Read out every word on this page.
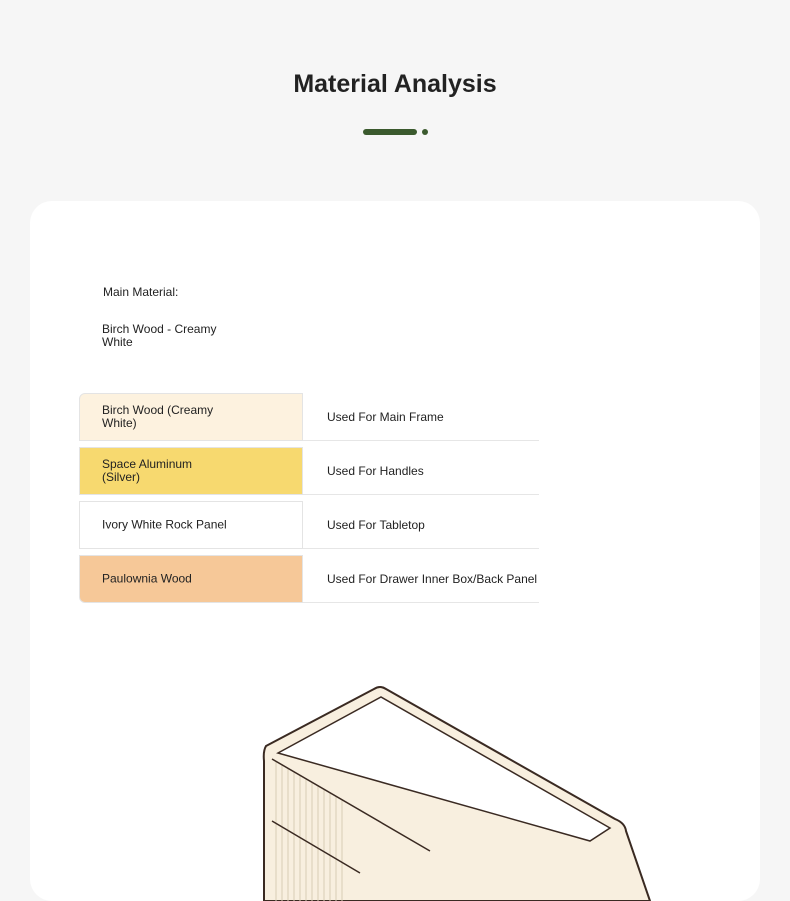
Material Analysis
Main Material:
Birch Wood - Creamy White
Birch Wood (Creamy White)	Used For Main Frame
Space Aluminum (Silver)	Used For Handles
Ivory White Rock Panel	Used For Tabletop
Paulownia Wood	Used For Drawer Inner Box/Back Panel
